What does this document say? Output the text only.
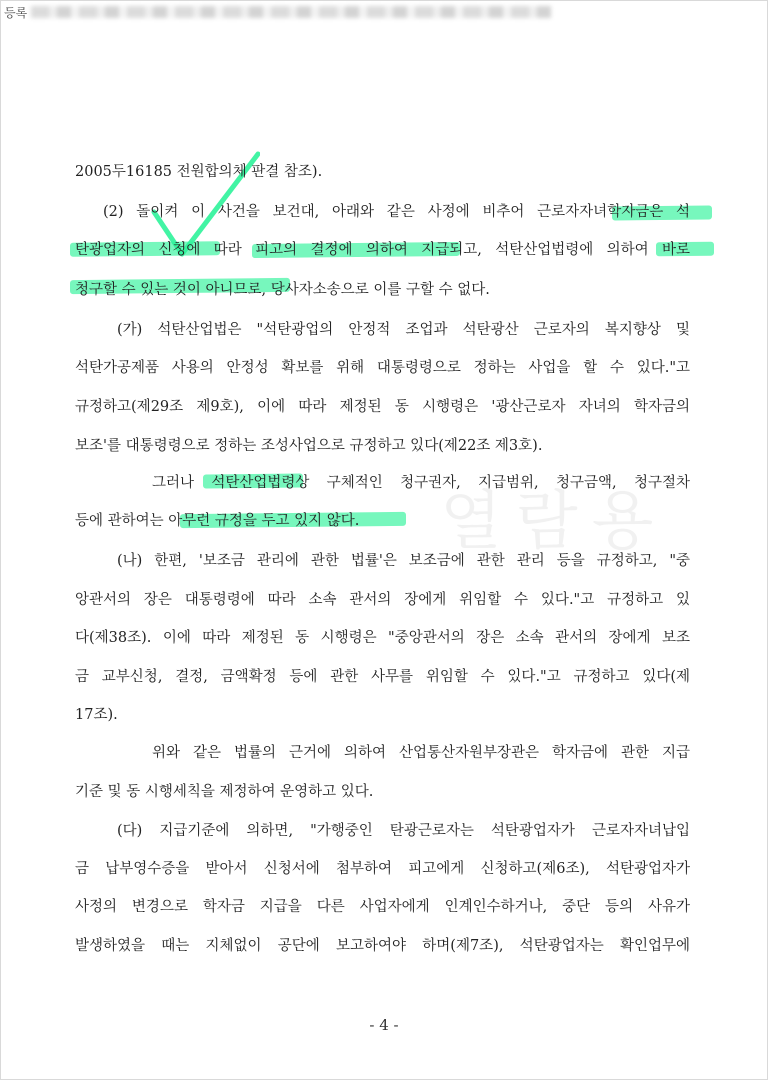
등록
열람용
2005두16185 전원합의체 판결 참조).
(2) 돌이켜 이 사건을 보건대, 아래와 같은 사정에 비추어 근로자자녀학자금은 석
탄광업자의 신청에 따라 피고의 결정에 의하여 지급되고, 석탄산업법령에 의하여 바로
청구할 수 있는 것이 아니므로, 당사자소송으로 이를 구할 수 없다.
(가) 석탄산업법은 "석탄광업의 안정적 조업과 석탄광산 근로자의 복지향상 및
석탄가공제품 사용의 안정성 확보를 위해 대통령령으로 정하는 사업을 할 수 있다."고
규정하고(제29조 제9호), 이에 따라 제정된 동 시행령은 '광산근로자 자녀의 학자금의
보조'를 대통령령으로 정하는 조성사업으로 규정하고 있다(제22조 제3호).
그러나 석탄산업법령상 구체적인 청구권자, 지급범위, 청구금액, 청구절차
등에 관하여는 아무런 규정을 두고 있지 않다.
(나) 한편, '보조금 관리에 관한 법률'은 보조금에 관한 관리 등을 규정하고, "중
앙관서의 장은 대통령령에 따라 소속 관서의 장에게 위임할 수 있다."고 규정하고 있
다(제38조). 이에 따라 제정된 동 시행령은 "중앙관서의 장은 소속 관서의 장에게 보조
금 교부신청, 결정, 금액확정 등에 관한 사무를 위임할 수 있다."고 규정하고 있다(제
17조).
위와 같은 법률의 근거에 의하여 산업통산자원부장관은 학자금에 관한 지급
기준 및 동 시행세칙을 제정하여 운영하고 있다.
(다) 지급기준에 의하면, "가행중인 탄광근로자는 석탄광업자가 근로자자녀납입
금 납부영수증을 받아서 신청서에 첨부하여 피고에게 신청하고(제6조), 석탄광업자가
사정의 변경으로 학자금 지급을 다른 사업자에게 인계인수하거나, 중단 등의 사유가
발생하였을 때는 지체없이 공단에 보고하여야 하며(제7조), 석탄광업자는 확인업무에
- 4 -
